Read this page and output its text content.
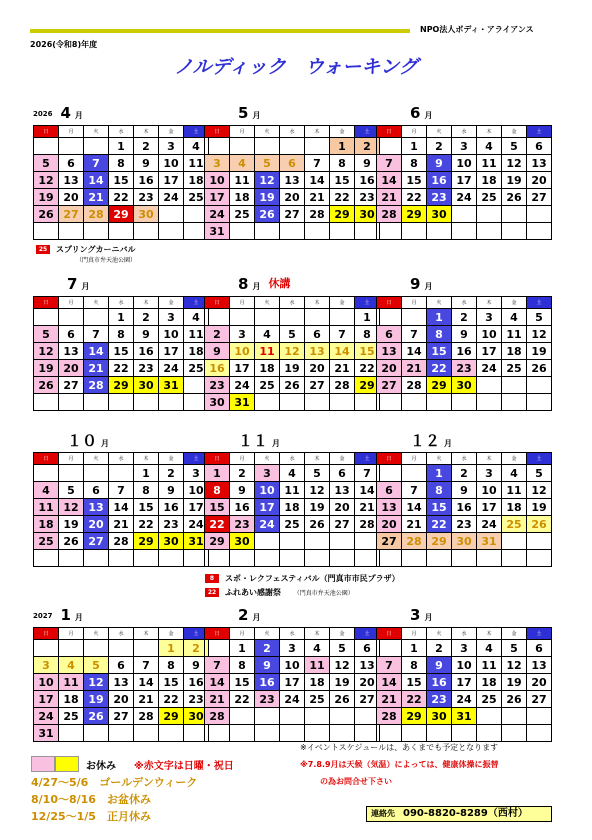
NPO法人ボディ・アライアンス
2026(令和8)年度
ノルディック　ウォーキング
2026 4 月
日	月	火	水	木	金	土
			1	2	3	4
5	6	7	8	9	10	11
12	13	14	15	16	17	18
19	20	21	22	23	24	25
26	27	28	29	30		

5 月
日	月	火	水	木	金	土
					1	2
3	4	5	6	7	8	9
10	11	12	13	14	15	16
17	18	19	20	21	22	23
24	25	26	27	28	29	30
31						
6 月
日	月	火	水	木	金	土
	1	2	3	4	5	6
7	8	9	10	11	12	13
14	15	16	17	18	19	20
21	22	23	24	25	26	27
28	29	30				

7 月
日	月	火	水	木	金	土
			1	2	3	4
5	6	7	8	9	10	11
12	13	14	15	16	17	18
19	20	21	22	23	24	25
26	27	28	29	30	31	

8 月 休講
日	月	火	水	木	金	土
						1
2	3	4	5	6	7	8
9	10	11	12	13	14	15
16	17	18	19	20	21	22
23	24	25	26	27	28	29
30	31					
9 月
日	月	火	水	木	金	土
		1	2	3	4	5
6	7	8	9	10	11	12
13	14	15	16	17	18	19
20	21	22	23	24	25	26
27	28	29	30			

１０ 月
日	月	火	水	木	金	土
				1	2	3
4	5	6	7	8	9	10
11	12	13	14	15	16	17
18	19	20	21	22	23	24
25	26	27	28	29	30	31

１１ 月
日	月	火	水	木	金	土
1	2	3	4	5	6	7
8	9	10	11	12	13	14
15	16	17	18	19	20	21
22	23	24	25	26	27	28
29	30					

１２ 月
日	月	火	水	木	金	土
		1	2	3	4	5
6	7	8	9	10	11	12
13	14	15	16	17	18	19
20	21	22	23	24	25	26
27	28	29	30	31		

2027 1 月
日	月	火	水	木	金	土
					1	2
3	4	5	6	7	8	9
10	11	12	13	14	15	16
17	18	19	20	21	22	23
24	25	26	27	28	29	30
31						
2 月
日	月	火	水	木	金	土
	1	2	3	4	5	6
7	8	9	10	11	12	13
14	15	16	17	18	19	20
21	22	23	24	25	26	27
28						

3 月
日	月	火	水	木	金	土
	1	2	3	4	5	6
7	8	9	10	11	12	13
14	15	16	17	18	19	20
21	22	23	24	25	26	27
28	29	30	31			

25 スプリングカーニバル
（門真市弁天池公園）
8 スポ・レクフェスティバル（門真市市民プラザ）
22 ふれあい感謝祭 （門真市弁天池公園）
お休み ※赤文字は日曜・祝日
4/27～5/6　ゴールデンウィーク
8/10～8/16　お盆休み
12/25～1/5　正月休み
※イベントスケジュールは、あくまでも予定となります
※7.8.9月は天候（気温）によっては、健康体操に振替
の為お問合せ下さい
連絡先 090-8820-8289（西村）
